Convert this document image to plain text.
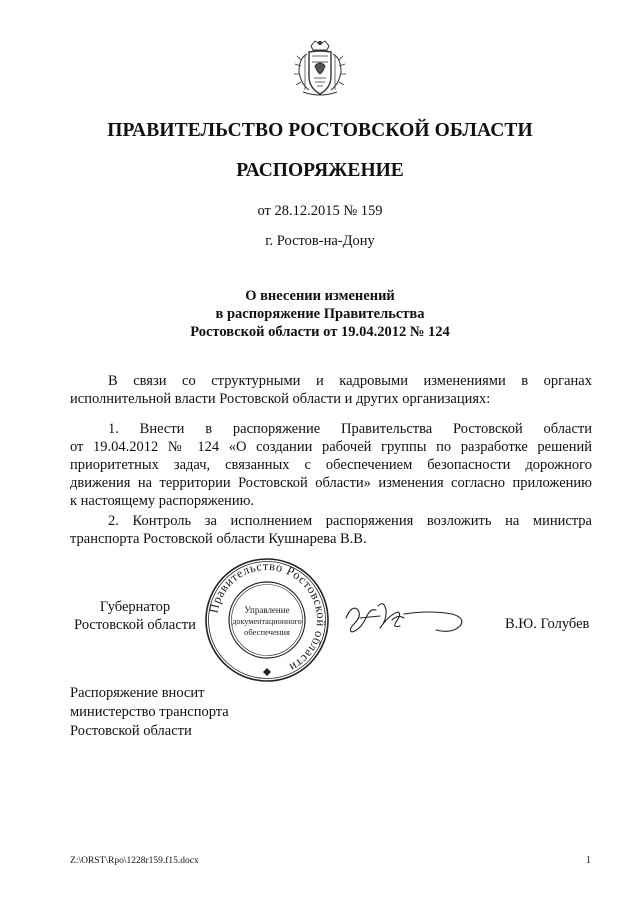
ПРАВИТЕЛЬСТВО РОСТОВСКОЙ ОБЛАСТИ
РАСПОРЯЖЕНИЕ
от 28.12.2015 № 159
г. Ростов-на-Дону
О внесении изменений
в распоряжение Правительства
Ростовской области от 19.04.2012 № 124
В связи со структурными и кадровыми изменениями в органах
исполнительной власти Ростовской области и других организациях:
1. Внести в распоряжение Правительства Ростовской области
от 19.04.2012 № 124 «О создании рабочей группы по разработке решений
приоритетных задач, связанных с обеспечением безопасности дорожного
движения на территории Ростовской области» изменения согласно приложению
к настоящему распоряжению.
2. Контроль за исполнением распоряжения возложить на министра
транспорта Ростовской области Кушнарева В.В.
Губернатор
Ростовской области
Правительство Ростовской области
Управление
документационного
обеспечения	В.Ю. Голубев
Распоряжение вносит
министерство транспорта
Ростовской области
Z:\ORST\Rpo\1228r159.f15.docx	1
